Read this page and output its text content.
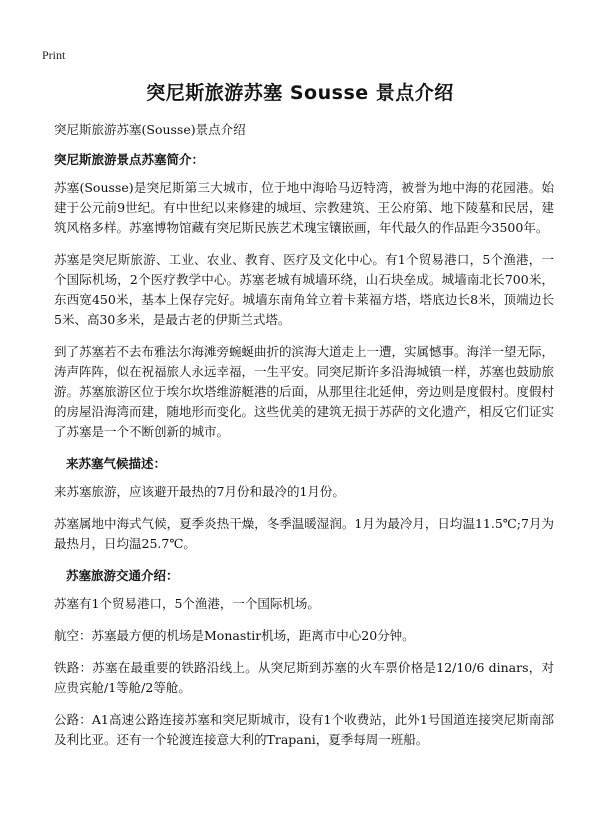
Print
突尼斯旅游苏塞 Sousse 景点介绍

突尼斯旅游苏塞(Sousse)景点介绍

突尼斯旅游景点苏塞简介：

苏塞(Sousse)是突尼斯第三大城市，位于地中海哈马迈特湾，被誉为地中海的花园港。始建于公元前9世纪。有中世纪以来修建的城垣、宗教建筑、王公府第、地下陵墓和民居，建筑风格多样。苏塞博物馆藏有突尼斯民族艺术瑰宝镶嵌画，年代最久的作品距今3500年。

苏塞是突尼斯旅游、工业、农业、教育、医疗及文化中心。有1个贸易港口，5个渔港，一个国际机场，2个医疗教学中心。苏塞老城有城墙环绕，山石块垒成。城墙南北长700米，东西宽450米，基本上保存完好。城墙东南角耸立着卡莱福方塔，塔底边长8米，顶端边长5米、高30多米，是最古老的伊斯兰式塔。

到了苏塞若不去布雅法尔海滩旁蜿蜒曲折的滨海大道走上一遭，实属憾事。海洋一望无际，涛声阵阵，似在祝福旅人永远幸福，一生平安。同突尼斯许多沿海城镇一样，苏塞也鼓励旅游。苏塞旅游区位于埃尔坎塔维游艇港的后面，从那里往北延伸，旁边则是度假村。度假村的房屋沿海湾而建，随地形而变化。这些优美的建筑无损于苏萨的文化遗产，相反它们证实了苏塞是一个不断创新的城市。

来苏塞气候描述：

来苏塞旅游，应该避开最热的7月份和最冷的1月份。

苏塞属地中海式气候，夏季炎热干燥，冬季温暖湿润。1月为最冷月，日均温11.5℃;7月为最热月，日均温25.7℃。

苏塞旅游交通介绍：

苏塞有1个贸易港口，5个渔港，一个国际机场。

航空：苏塞最方便的机场是Monastir机场，距离市中心20分钟。

铁路：苏塞在最重要的铁路沿线上。从突尼斯到苏塞的火车票价格是12/10/6 dinars，对应贵宾舱/1等舱/2等舱。

公路：A1高速公路连接苏塞和突尼斯城市，设有1个收费站，此外1号国道连接突尼斯南部及利比亚。还有一个轮渡连接意大利的Trapani，夏季每周一班船。
